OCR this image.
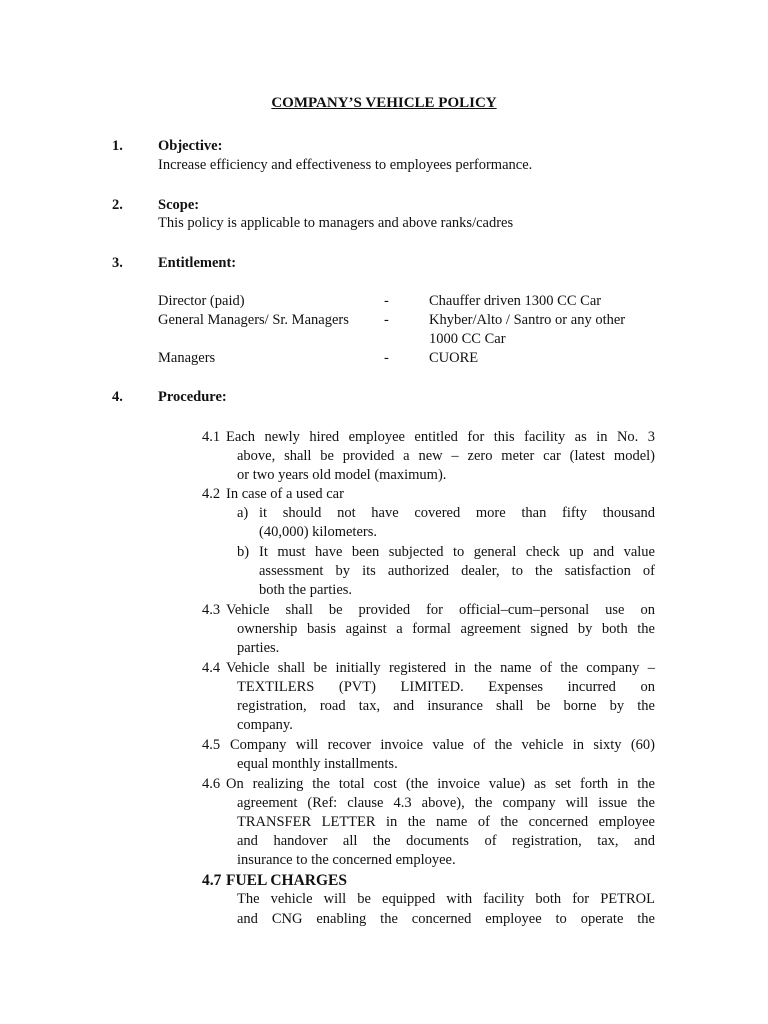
COMPANY’S VEHICLE POLICY
1. Objective:
Increase efficiency and effectiveness to employees performance.
2. Scope:
This policy is applicable to managers and above ranks/cadres
3. Entitlement:
Director (paid)	-	Chauffer driven 1300 CC Car
General Managers/ Sr. Managers -	Khyber/Alto / Santro or any other
1000 CC Car
Managers	-	CUORE
4. Procedure:
4.1 Each newly hired employee entitled for this facility as in No. 3
above, shall be provided a new – zero meter car (latest model)
or two years old model (maximum).
4.2 In case of a used car
a) it should not have covered more than fifty thousand
(40,000) kilometers.
b) It must have been subjected to general check up and value
assessment by its authorized dealer, to the satisfaction of
both the parties.
4.3 Vehicle shall be provided for official–cum–personal use on
ownership basis against a formal agreement signed by both the
parties.
4.4 Vehicle shall be initially registered in the name of the company –
TEXTILERS (PVT) LIMITED. Expenses incurred on
registration, road tax, and insurance shall be borne by the
company.
4.5 Company will recover invoice value of the vehicle in sixty (60)
equal monthly installments.
4.6 On realizing the total cost (the invoice value) as set forth in the
agreement (Ref: clause 4.3 above), the company will issue the
TRANSFER LETTER in the name of the concerned employee
and handover all the documents of registration, tax, and
insurance to the concerned employee.
4.7 FUEL CHARGES
The vehicle will be equipped with facility both for PETROL
and CNG enabling the concerned employee to operate the
